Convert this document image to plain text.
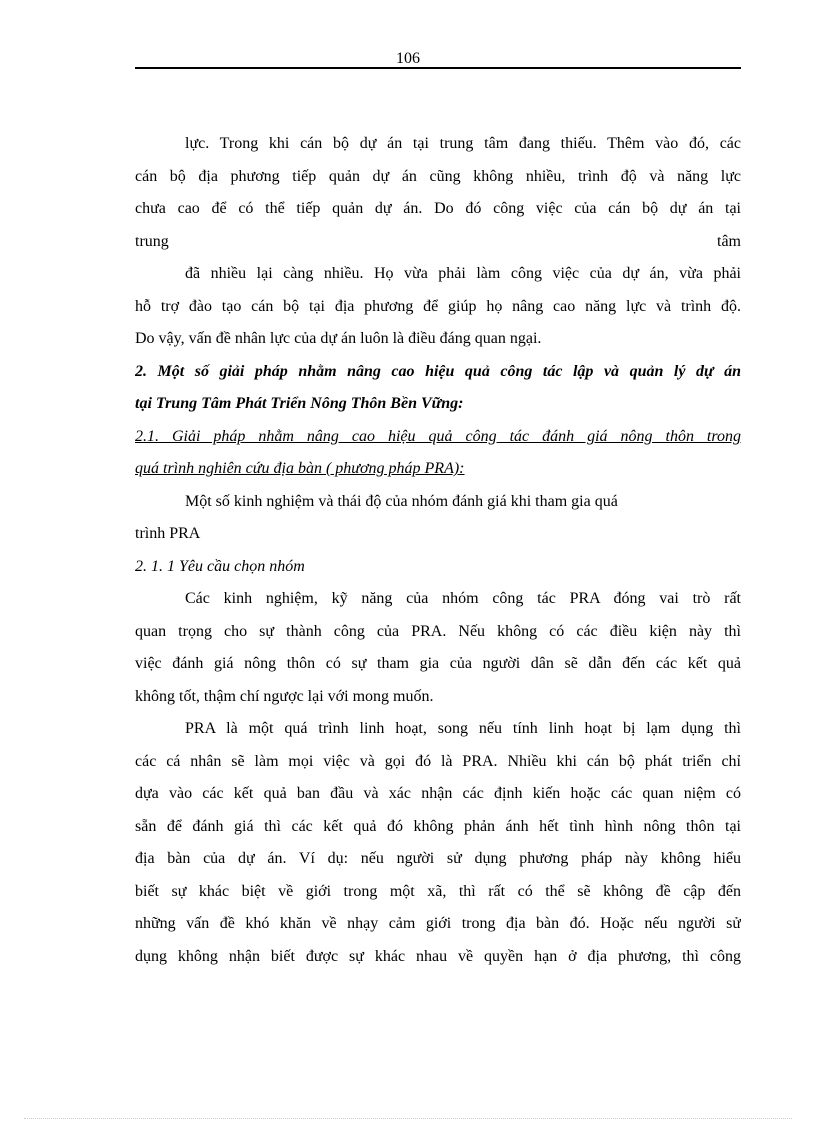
106
lực. Trong khi cán bộ dự án tại trung tâm đang thiếu. Thêm vào đó, các
cán bộ địa phương tiếp quản dự án cũng không nhiều, trình độ và năng lực
chưa cao để có thể tiếp quản dự án. Do đó công việc của cán bộ dự án tại
trung	tâm
đã nhiều lại càng nhiều. Họ vừa phải làm công việc của dự án, vừa phải
hỗ trợ đào tạo cán bộ tại địa phương để giúp họ nâng cao năng lực và trình độ.
Do vậy, vấn đề nhân lực của dự án luôn là điều đáng quan ngại.
2. Một số giải pháp nhằm nâng cao hiệu quả công tác lập và quản lý dự án
tại Trung Tâm Phát Triển Nông Thôn Bền Vững:
2.1. Giải pháp nhằm nâng cao hiệu quả công tác đánh giá nông thôn trong
quá trình nghiên cứu địa bàn ( phương pháp PRA):
Một số kinh nghiệm và thái độ của nhóm đánh giá khi tham gia quá
trình PRA
2. 1. 1 Yêu cầu chọn nhóm
Các kinh nghiệm, kỹ năng của nhóm công tác PRA đóng vai trò rất
quan trọng cho sự thành công của PRA. Nếu không có các điều kiện này thì
việc đánh giá nông thôn có sự tham gia của người dân sẽ dẫn đến các kết quả
không tốt, thậm chí ngược lại với mong muốn.
PRA là một quá trình linh hoạt, song nếu tính linh hoạt bị lạm dụng thì
các cá nhân sẽ làm mọi việc và gọi đó là PRA. Nhiều khi cán bộ phát triển chỉ
dựa vào các kết quả ban đầu và xác nhận các định kiến hoặc các quan niệm có
sẵn để đánh giá thì các kết quả đó không phản ánh hết tình hình nông thôn tại
địa bàn của dự án. Ví dụ: nếu người sử dụng phương pháp này không hiểu
biết sự khác biệt về giới trong một xã, thì rất có thể sẽ không đề cập đến
những vấn đề khó khăn về nhạy cảm giới trong địa bàn đó. Hoặc nếu người sử
dụng không nhận biết được sự khác nhau về quyền hạn ở địa phương, thì công
